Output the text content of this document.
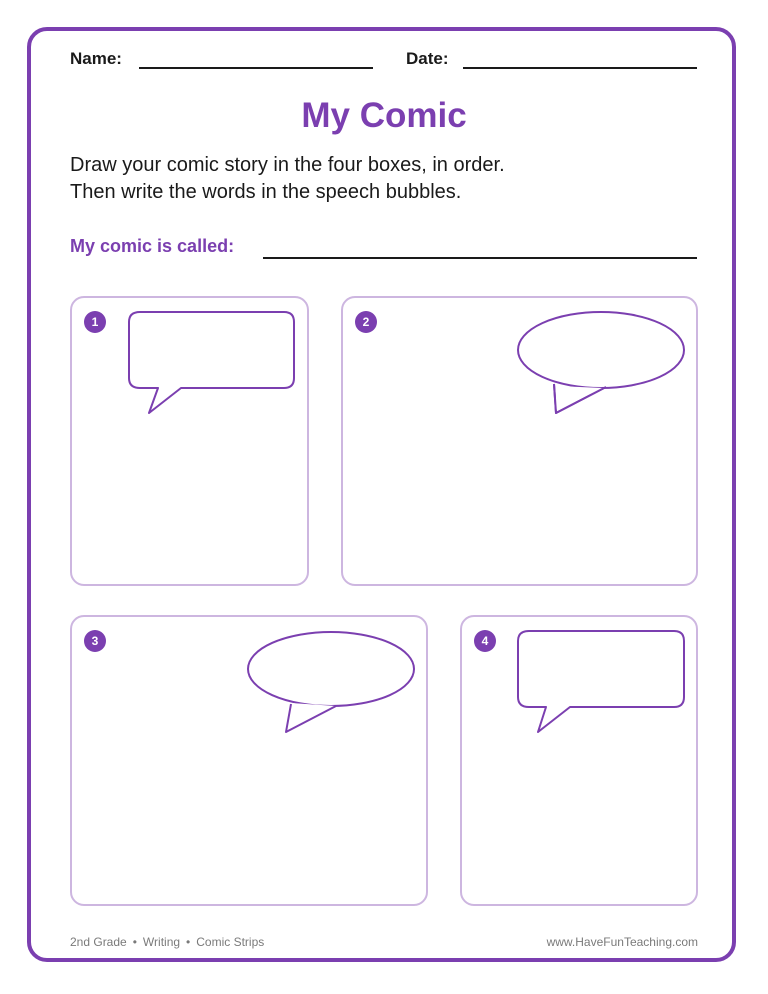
Name:	Date:
My Comic
Draw your comic story in the four boxes, in order.
Then write the words in the speech bubbles.
My comic is called:
1	2
3	4
2nd Grade • Writing • Comic Strips	www.HaveFunTeaching.com
